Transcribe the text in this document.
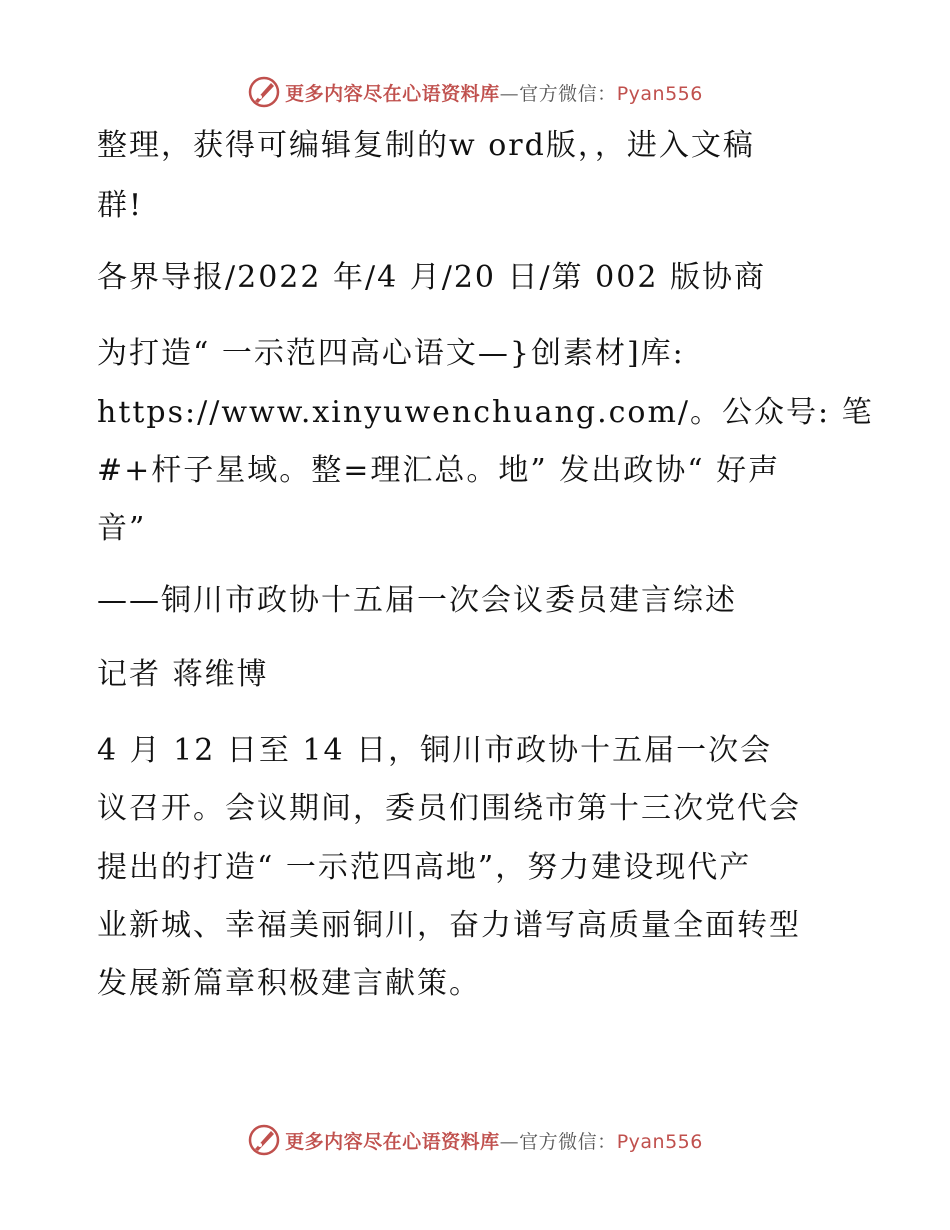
更多内容尽在心语资料库—官方微信：Pyan556
整理，获得可编辑复制的w ord版，，进入文稿
群!
各界导报/2022 年/4 月/20 日/第 002 版协商
为打造“ 一示范四高心语文—}创素材]库:
https://www.xinyuwenchuang.com/。公众号: 笔
#+杆子星域。整=理汇总。地” 发出政协“ 好声
音”
——铜川市政协十五届一次会议委员建言综述
记者 蒋维博
4 月 12 日至 14 日，铜川市政协十五届一次会
议召开。会议期间，委员们围绕市第十三次党代会
提出的打造“ 一示范四高地”，努力建设现代产
业新城、幸福美丽铜川，奋力谱写高质量全面转型
发展新篇章积极建言献策。
更多内容尽在心语资料库—官方微信：Pyan556
